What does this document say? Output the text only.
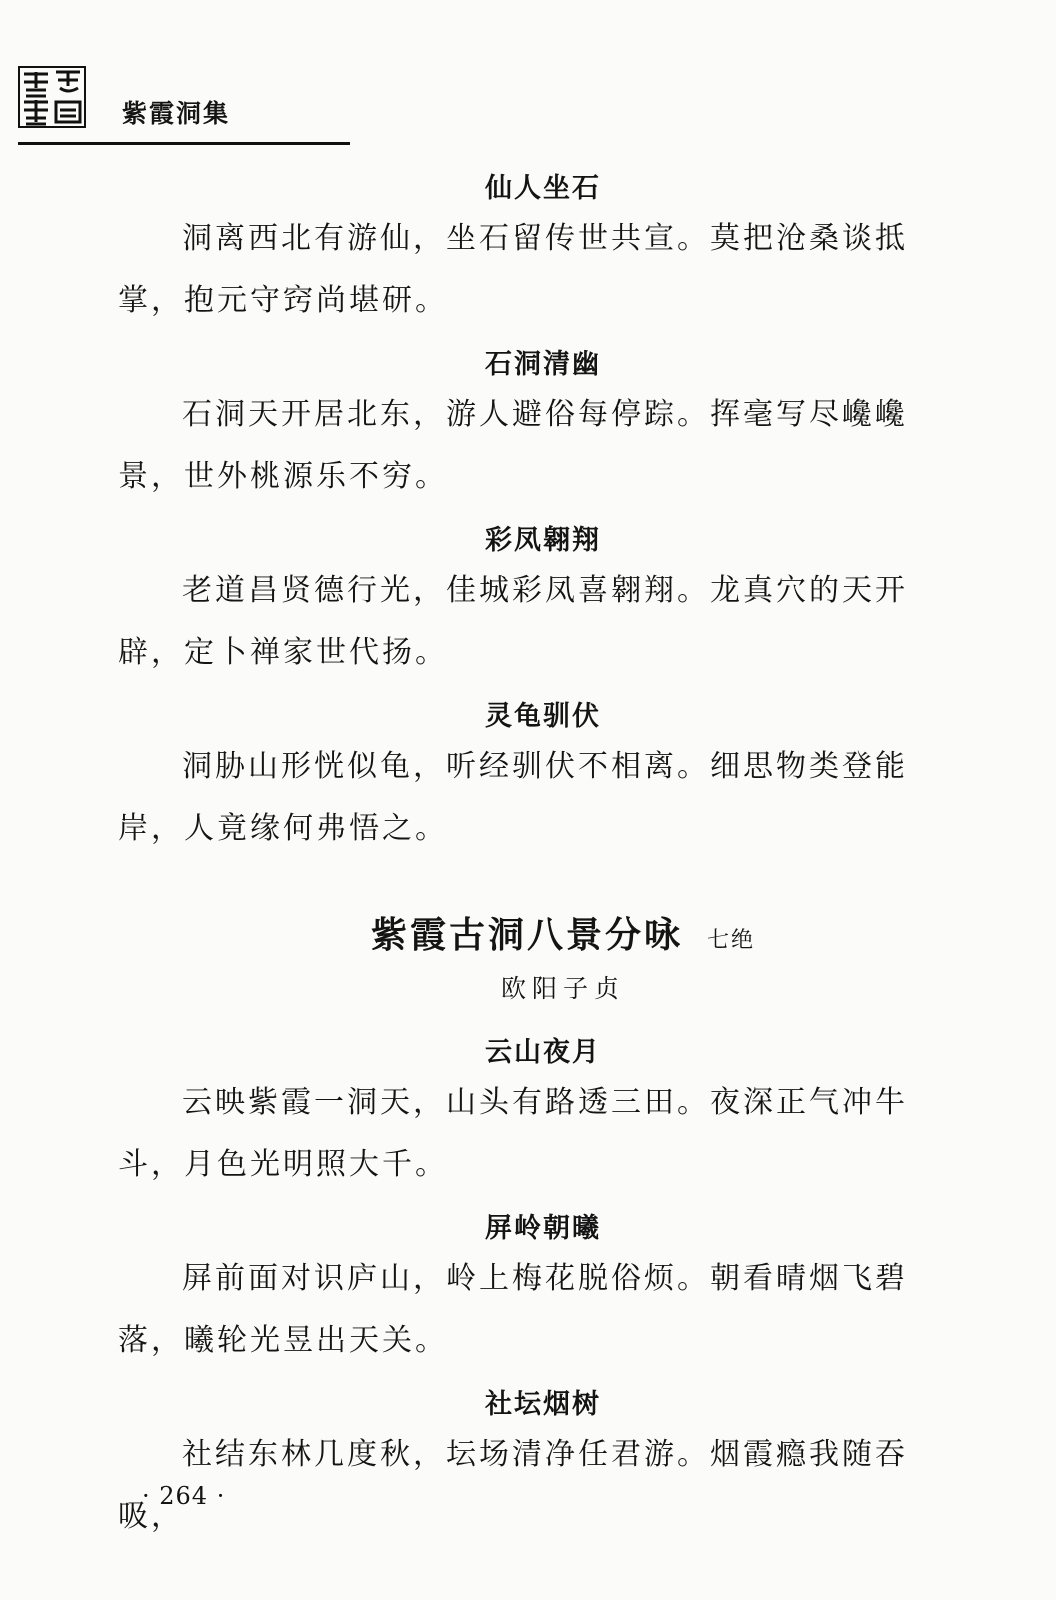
紫霞洞集
仙人坐石

洞离西北有游仙，坐石留传世共宣。莫把沧桑谈抵掌，抱元守窍尚堪研。

石洞清幽

石洞天开居北东，游人避俗每停踪。挥毫写尽巉巉景，世外桃源乐不穷。

彩凤翱翔

老道昌贤德行光，佳城彩凤喜翱翔。龙真穴的天开辟，定卜禅家世代扬。

灵龟驯伏

洞胁山形恍似龟，听经驯伏不相离。细思物类登能岸，人竟缘何弗悟之。

紫霞古洞八景分咏 七绝
欧阳子贞
云山夜月

云映紫霞一洞天，山头有路透三田。夜深正气冲牛斗，月色光明照大千。

屏岭朝曦

屏前面对识庐山，岭上梅花脱俗烦。朝看晴烟飞碧落，曦轮光昱出天关。

社坛烟树

社结东林几度秋，坛场清净任君游。烟霞瘾我随吞吸，

· 264 ·
